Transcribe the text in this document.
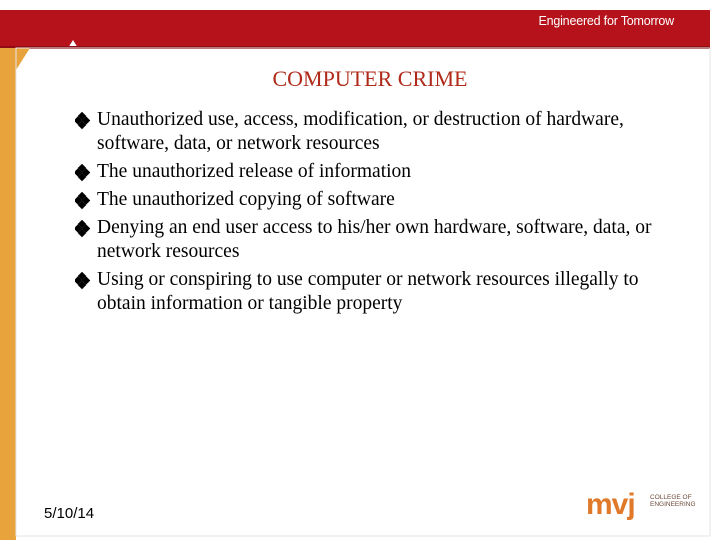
Engineered for Tomorrow
COMPUTER CRIME
Unauthorized use, access, modification, or destruction of hardware, software, data, or network resources
The unauthorized release of information
The unauthorized copying of software
Denying an end user access to his/her own hardware, software, data, or network resources
Using or conspiring to use computer or network resources illegally to obtain information or tangible property
5/10/14	mvj COLLEGE OF
ENGINEERING
